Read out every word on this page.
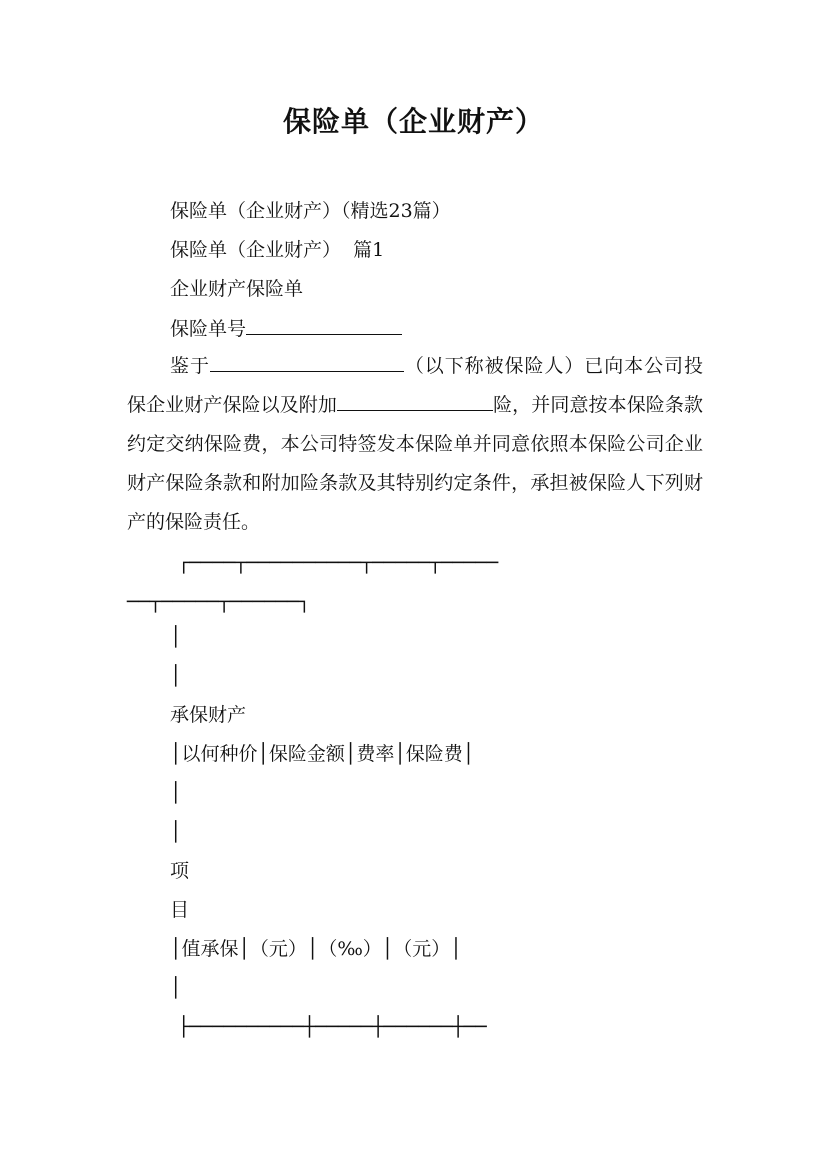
保险单（企业财产）
保险单（企业财产）（精选23篇）
保险单（企业财产）  篇1
企业财产保险单
保险单号
鉴于	（以下称被保险人）已向本公司投保企业财产保险以及附加	险，并同意按本保险条款约定交纳保险费，本公司特签发本保险单并同意依照本保险公司企业财产保险条款和附加险条款及其特别约定条件，承担被保险人下列财产的保险责任。
┌────┬──────────┬─────┬─────
──┬─────┬──────┐
│
│
承保财产
│以何种价│保险金额│费率│保险费│
│
│
项
目
│值承保│（元）│（‰）│（元）│
│
├──────────┼─────┼──────┼──
